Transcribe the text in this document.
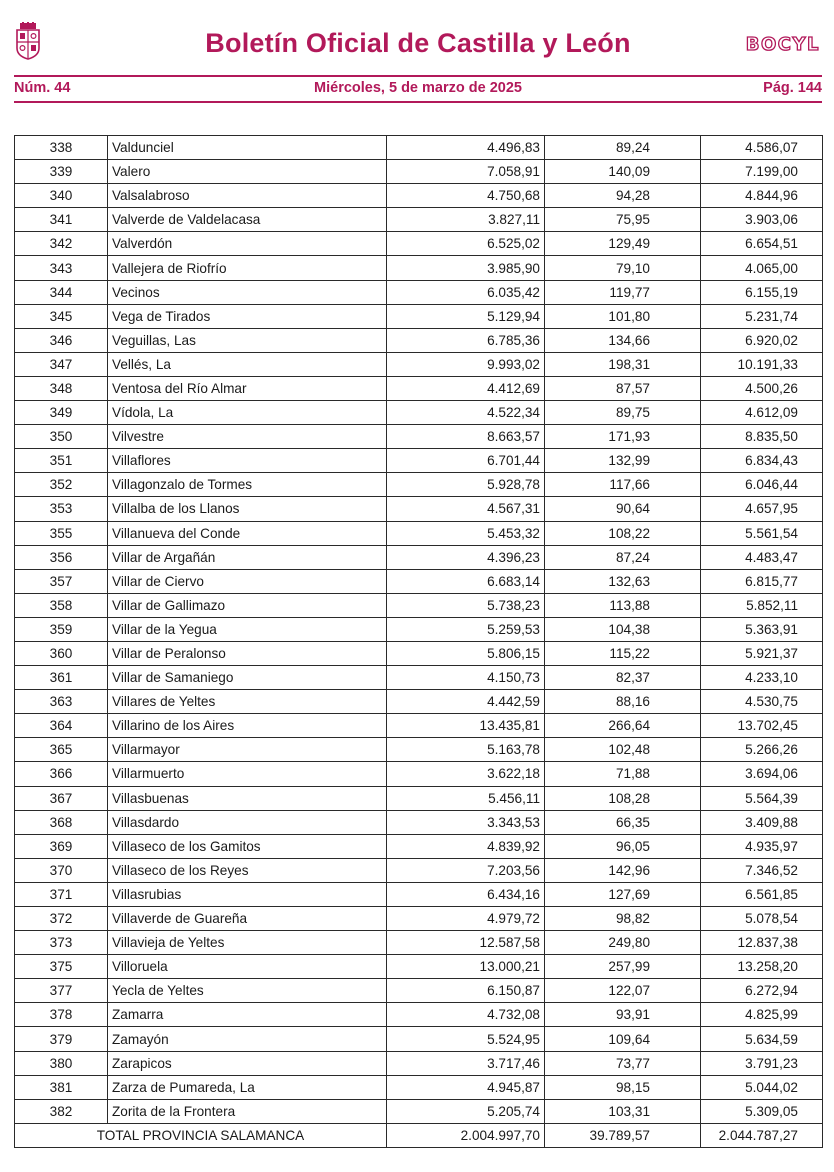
Boletín Oficial de Castilla y León	BOCYL
Núm. 44	Miércoles, 5 de marzo de 2025	Pág. 144
338	Valdunciel	4.496,83	89,24	4.586,07
339	Valero	7.058,91	140,09	7.199,00
340	Valsalabroso	4.750,68	94,28	4.844,96
341	Valverde de Valdelacasa	3.827,11	75,95	3.903,06
342	Valverdón	6.525,02	129,49	6.654,51
343	Vallejera de Riofrío	3.985,90	79,10	4.065,00
344	Vecinos	6.035,42	119,77	6.155,19
345	Vega de Tirados	5.129,94	101,80	5.231,74
346	Veguillas, Las	6.785,36	134,66	6.920,02
347	Vellés, La	9.993,02	198,31	10.191,33
348	Ventosa del Río Almar	4.412,69	87,57	4.500,26
349	Vídola, La	4.522,34	89,75	4.612,09
350	Vilvestre	8.663,57	171,93	8.835,50
351	Villaflores	6.701,44	132,99	6.834,43
352	Villagonzalo de Tormes	5.928,78	117,66	6.046,44
353	Villalba de los Llanos	4.567,31	90,64	4.657,95
355	Villanueva del Conde	5.453,32	108,22	5.561,54
356	Villar de Argañán	4.396,23	87,24	4.483,47
357	Villar de Ciervo	6.683,14	132,63	6.815,77
358	Villar de Gallimazo	5.738,23	113,88	5.852,11
359	Villar de la Yegua	5.259,53	104,38	5.363,91
360	Villar de Peralonso	5.806,15	115,22	5.921,37
361	Villar de Samaniego	4.150,73	82,37	4.233,10
363	Villares de Yeltes	4.442,59	88,16	4.530,75
364	Villarino de los Aires	13.435,81	266,64	13.702,45
365	Villarmayor	5.163,78	102,48	5.266,26
366	Villarmuerto	3.622,18	71,88	3.694,06
367	Villasbuenas	5.456,11	108,28	5.564,39
368	Villasdardo	3.343,53	66,35	3.409,88
369	Villaseco de los Gamitos	4.839,92	96,05	4.935,97
370	Villaseco de los Reyes	7.203,56	142,96	7.346,52
371	Villasrubias	6.434,16	127,69	6.561,85
372	Villaverde de Guareña	4.979,72	98,82	5.078,54
373	Villavieja de Yeltes	12.587,58	249,80	12.837,38
375	Villoruela	13.000,21	257,99	13.258,20
377	Yecla de Yeltes	6.150,87	122,07	6.272,94
378	Zamarra	4.732,08	93,91	4.825,99
379	Zamayón	5.524,95	109,64	5.634,59
380	Zarapicos	3.717,46	73,77	3.791,23
381	Zarza de Pumareda, La	4.945,87	98,15	5.044,02
382	Zorita de la Frontera	5.205,74	103,31	5.309,05
TOTAL PROVINCIA SALAMANCA		2.004.997,70	39.789,57	2.044.787,27
